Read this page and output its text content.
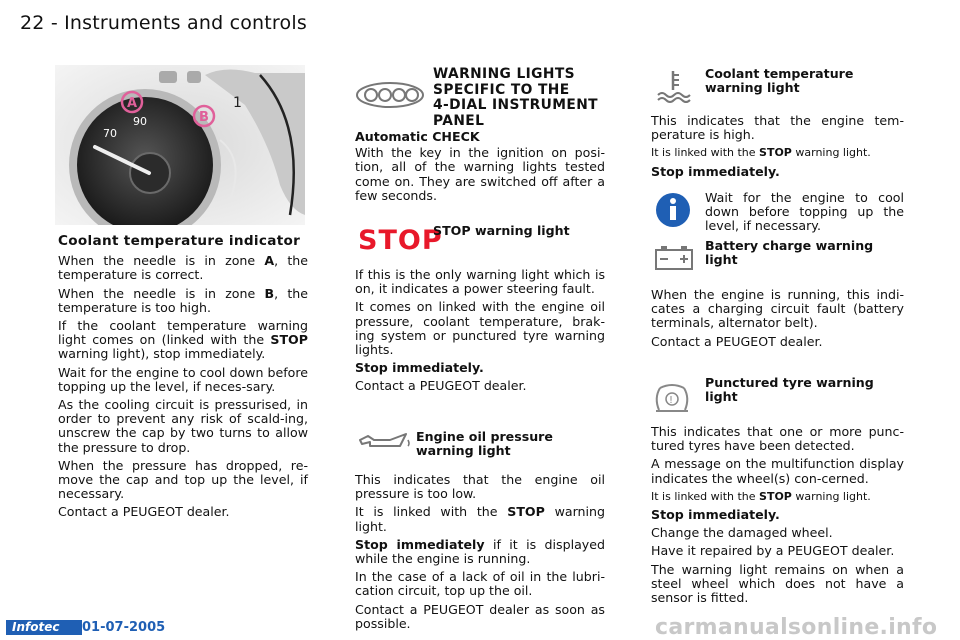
22 - Instruments and controls
90
70
1
A
B
Coolant temperature indicator

When the needle is in zone A, the temperature is correct.

When the needle is in zone B, the temperature is too high.

If the coolant temperature warning light comes on (linked with the STOP warning light), stop immediately.

Wait for the engine to cool down before topping up the level, if neces-sary.

As the cooling circuit is pressurised, in order to prevent any risk of scald-ing, unscrew the cap by two turns to allow the pressure to drop.

When the pressure has dropped, re-move the cap and top up the level, if necessary.

Contact a PEUGEOT dealer.

WARNING LIGHTS
SPECIFIC TO THE
4-DIAL INSTRUMENT
PANEL

Automatic CHECK

With the key in the ignition on posi-tion, all of the warning lights tested come on. They are switched off after a few seconds.

STOP
STOP warning light

If this is the only warning light which is on, it indicates a power steering fault.

It comes on linked with the engine oil pressure, coolant temperature, brak-ing system or punctured tyre warning lights.

Stop immediately.

Contact a PEUGEOT dealer.

Engine oil pressure
warning light

This indicates that the engine oil pressure is too low.

It is linked with the STOP warning light.

Stop immediately if it is displayed while the engine is running.

In the case of a lack of oil in the lubri-cation circuit, top up the oil.

Contact a PEUGEOT dealer as soon as possible.

Coolant temperature
warning light

This indicates that the engine tem-perature is high.

It is linked with the STOP warning light.

Stop immediately.

Wait for the engine to cool down before topping up the level, if necessary.

Battery charge warning
light

When the engine is running, this indi-cates a charging circuit fault (battery terminals, alternator belt).

Contact a PEUGEOT dealer.

!
Punctured tyre warning
light

This indicates that one or more punc-tured tyres have been detected.

A message on the multifunction display indicates the wheel(s) con-cerned.

It is linked with the STOP warning light.

Stop immediately.

Change the damaged wheel.

Have it repaired by a PEUGEOT dealer.

The warning light remains on when a steel wheel which does not have a sensor is fitted.

Infotec	01-07-2005	carmanualsonline.info
